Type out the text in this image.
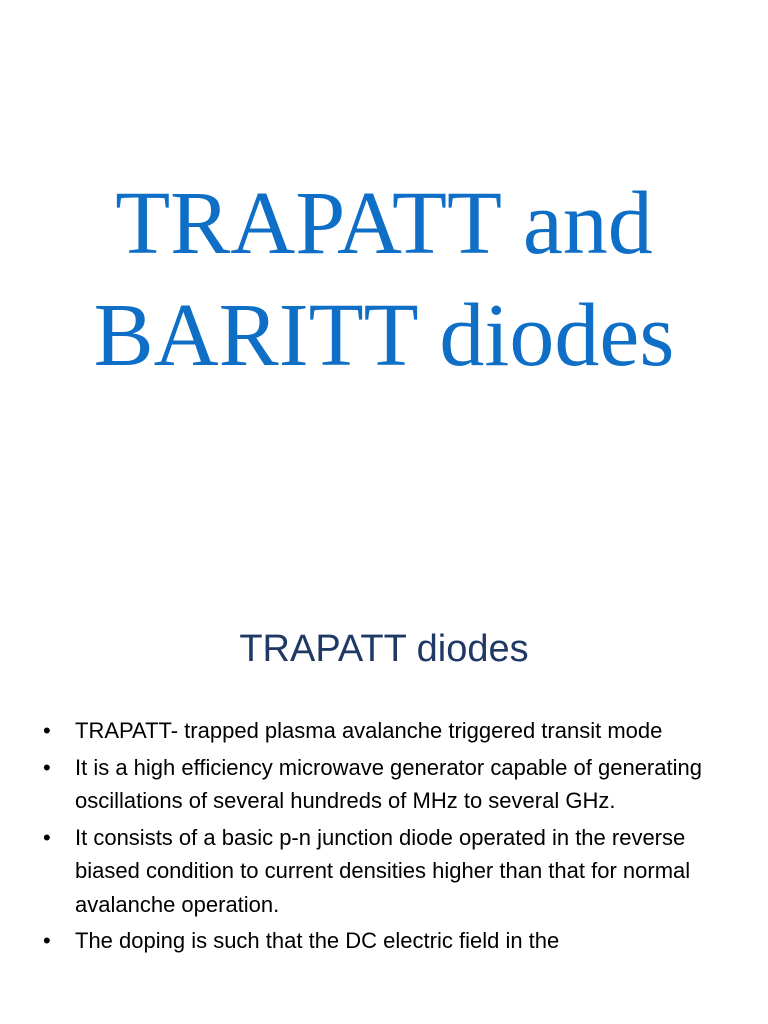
TRAPATT and
BARITT diodes
TRAPATT diodes
• TRAPATT- trapped plasma avalanche triggered transit mode
• It is a high efficiency microwave generator capable of generating oscillations of several hundreds of MHz to several GHz.
• It consists of a basic p-n junction diode operated in the reverse biased condition to current densities higher than that for normal avalanche operation.
• The doping is such that the DC electric field in the
